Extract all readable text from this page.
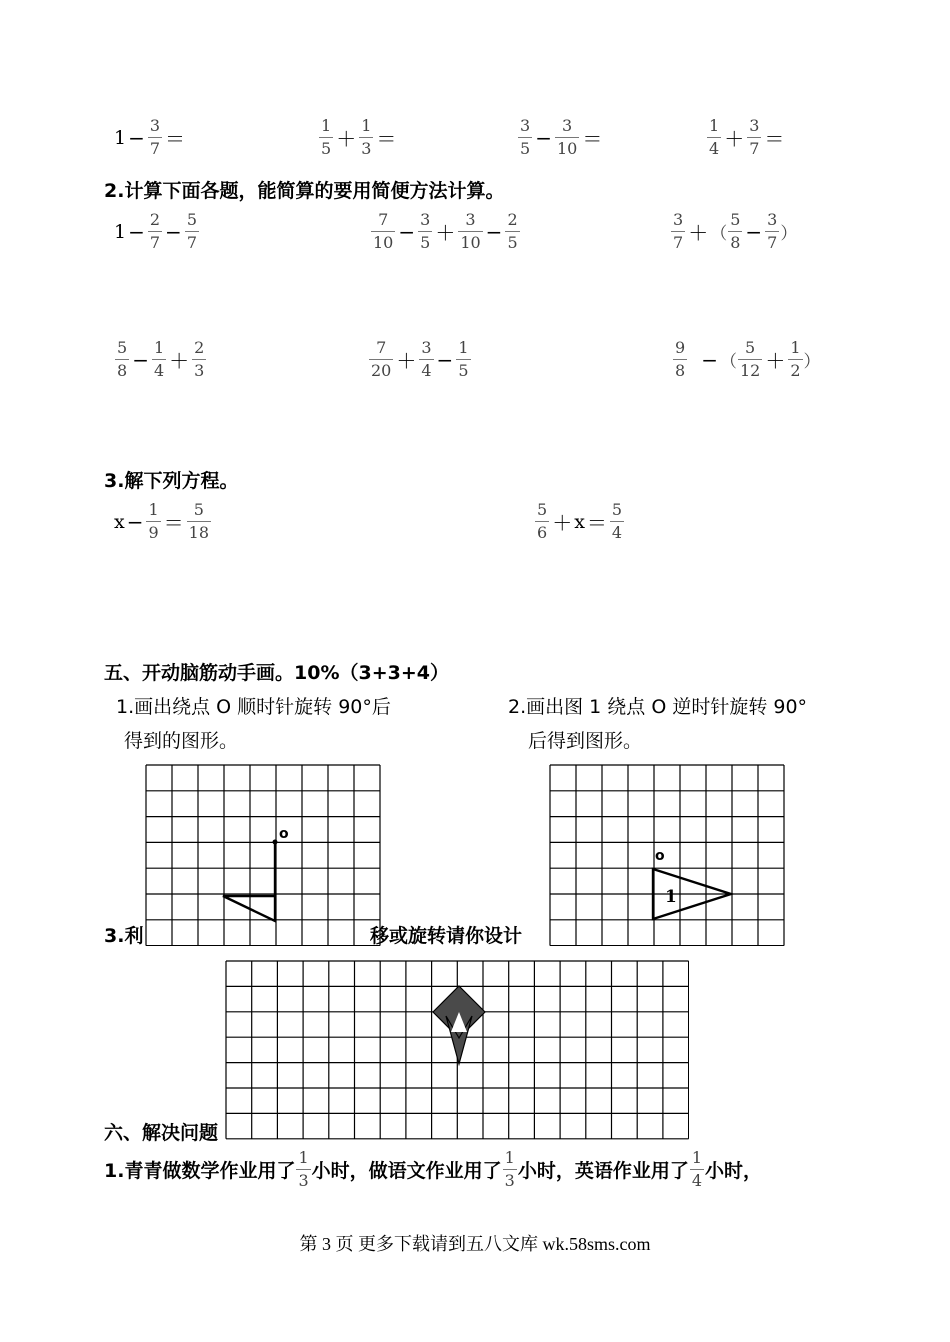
$1 - \frac{3}{7}$ ＝	$\frac{1}{5} + \frac{1}{3}$ ＝	$\frac{3}{5} - \frac{3}{10}$ ＝	$\frac{1}{4} + \frac{3}{7}$ ＝
2.计算下面各题，能简算的要用简便方法计算。
$1 - \frac{2}{7} - \frac{5}{7}$	$\frac{7}{10} - \frac{3}{5} + \frac{3}{10} - \frac{2}{5}$	$\frac{3}{7}$ ＋ （ $\frac{5}{8} - \frac{3}{7}$ ）
$\frac{5}{8} - \frac{1}{4} + \frac{2}{3}$	$\frac{7}{20} + \frac{3}{4} - \frac{1}{5}$	$\frac{9}{8}$ − （ $\frac{5}{12} + \frac{1}{2}$ ）
3.解下列方程。
$x - \frac{1}{9} = \frac{5}{18}$	$\frac{5}{6} + x = \frac{5}{4}$
五、开动脑筋动手画。10%（3+3+4）
1.画出绕点 O 顺时针旋转 90°后
得到的图形。
2.画出图 1 绕点 O 逆时针旋转 90°
后得到图形。
3.利	移或旋转请你设计
o
o
1
六、解决问题
1.青青做数学作业用了 $\frac{1}{3}$ 小时，做语文作业用了 $\frac{1}{3}$ 小时，英语作业用了 $\frac{1}{4}$ 小时，
第 3 页 更多下载请到五八文库 wk.58sms.com
